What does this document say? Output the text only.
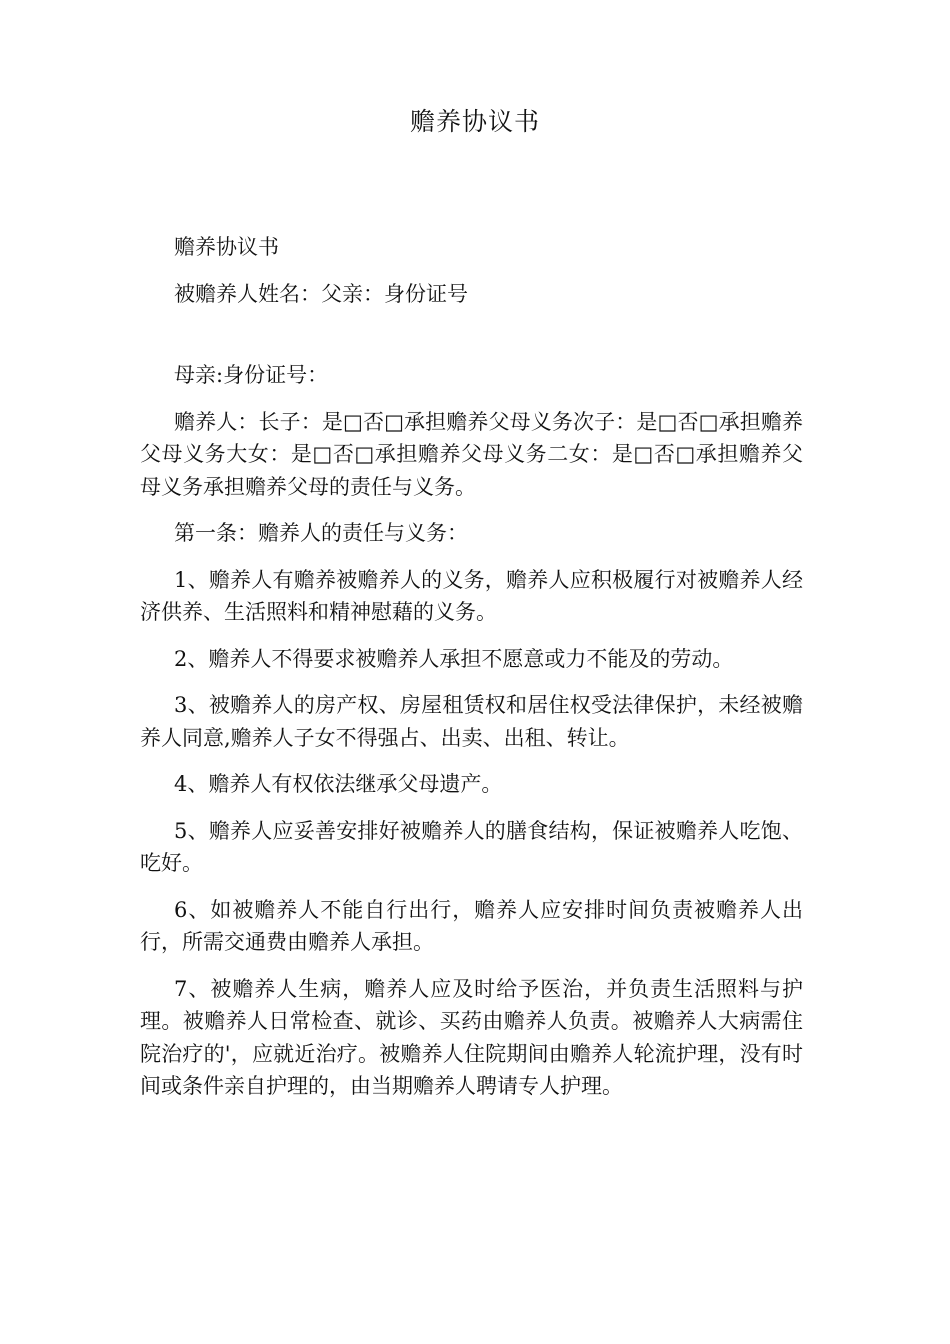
赡养协议书

赡养协议书

被赡养人姓名：父亲：身份证号

母亲:身份证号：

赡养人：长子：是□否□承担赡养父母义务次子：是□否□承担赡养父母义务大女：是□否□承担赡养父母义务二女：是□否□承担赡养父母义务承担赡养父母的责任与义务。

第一条：赡养人的责任与义务：

1、赡养人有赡养被赡养人的义务，赡养人应积极履行对被赡养人经济供养、生活照料和精神慰藉的义务。

2、赡养人不得要求被赡养人承担不愿意或力不能及的劳动。

3、被赡养人的房产权、房屋租赁权和居住权受法律保护，未经被赡养人同意,赡养人子女不得强占、出卖、出租、转让。

4、赡养人有权依法继承父母遗产。

5、赡养人应妥善安排好被赡养人的膳食结构，保证被赡养人吃饱、吃好。

6、如被赡养人不能自行出行，赡养人应安排时间负责被赡养人出行，所需交通费由赡养人承担。

7、被赡养人生病，赡养人应及时给予医治，并负责生活照料与护理。被赡养人日常检查、就诊、买药由赡养人负责。被赡养人大病需住院治疗的'，应就近治疗。被赡养人住院期间由赡养人轮流护理，没有时间或条件亲自护理的，由当期赡养人聘请专人护理。
